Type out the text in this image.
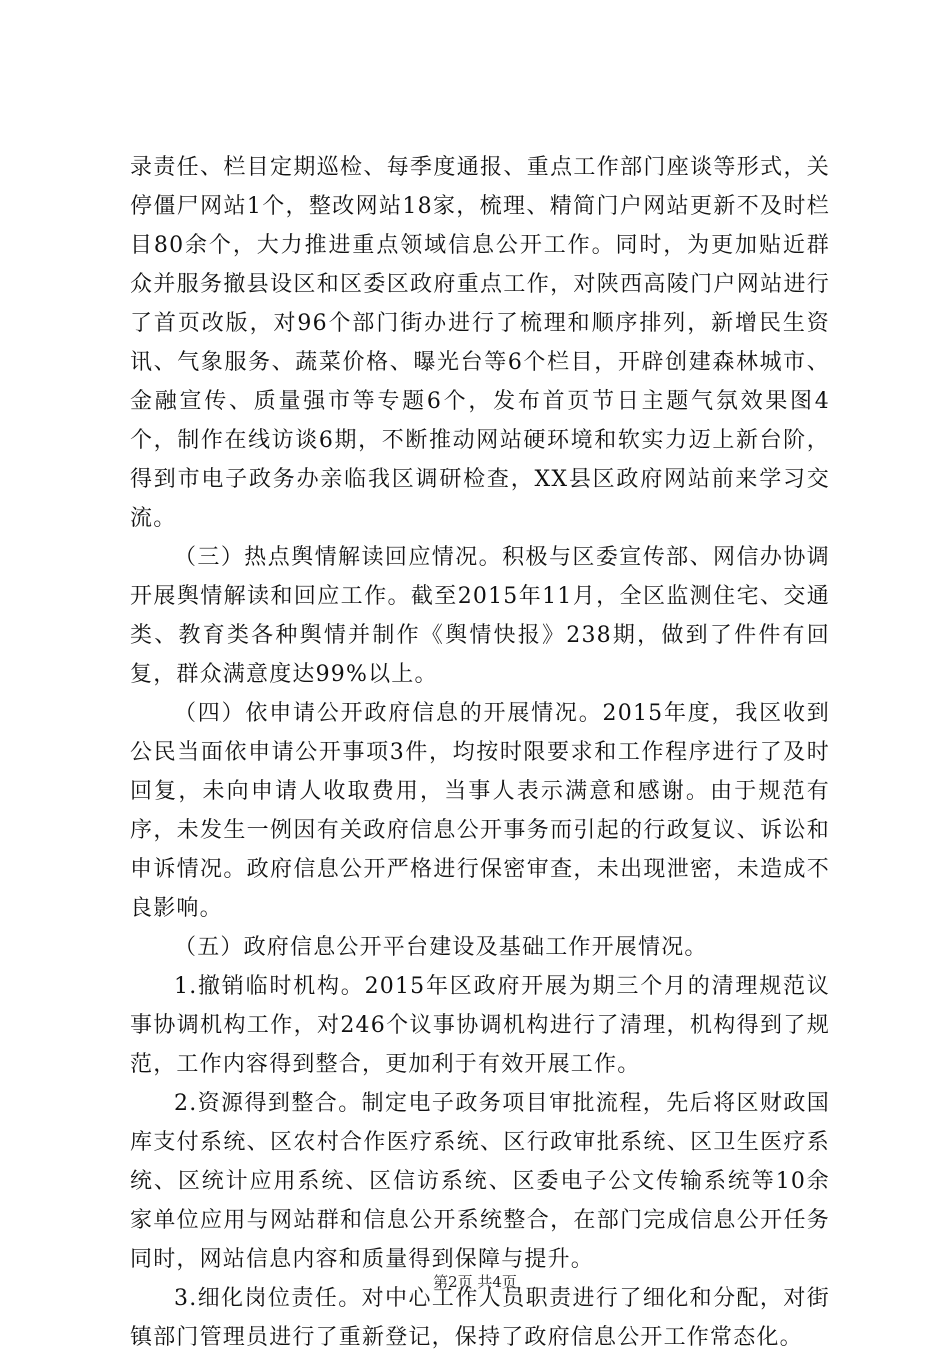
录责任、栏目定期巡检、每季度通报、重点工作部门座谈等形式，关停僵尸网站1个，整改网站18家，梳理、精简门户网站更新不及时栏目80余个，大力推进重点领域信息公开工作。同时，为更加贴近群众并服务撤县设区和区委区政府重点工作，对陕西高陵门户网站进行了首页改版，对96个部门街办进行了梳理和顺序排列，新增民生资讯、气象服务、蔬菜价格、曝光台等6个栏目，开辟创建森林城市、金融宣传、质量强市等专题6个，发布首页节日主题气氛效果图4个，制作在线访谈6期，不断推动网站硬环境和软实力迈上新台阶，得到市电子政务办亲临我区调研检查，XX县区政府网站前来学习交流。

（三）热点舆情解读回应情况。积极与区委宣传部、网信办协调开展舆情解读和回应工作。截至2015年11月，全区监测住宅、交通类、教育类各种舆情并制作《舆情快报》238期，做到了件件有回复，群众满意度达99%以上。

（四）依申请公开政府信息的开展情况。2015年度，我区收到公民当面依申请公开事项3件，均按时限要求和工作程序进行了及时回复，未向申请人收取费用，当事人表示满意和感谢。由于规范有序，未发生一例因有关政府信息公开事务而引起的行政复议、诉讼和申诉情况。政府信息公开严格进行保密审查，未出现泄密，未造成不良影响。

（五）政府信息公开平台建设及基础工作开展情况。

1.撤销临时机构。2015年区政府开展为期三个月的清理规范议事协调机构工作，对246个议事协调机构进行了清理，机构得到了规范，工作内容得到整合，更加利于有效开展工作。

2.资源得到整合。制定电子政务项目审批流程，先后将区财政国库支付系统、区农村合作医疗系统、区行政审批系统、区卫生医疗系统、区统计应用系统、区信访系统、区委电子公文传输系统等10余家单位应用与网站群和信息公开系统整合，在部门完成信息公开任务同时，网站信息内容和质量得到保障与提升。

3.细化岗位责任。对中心工作人员职责进行了细化和分配，对街镇部门管理员进行了重新登记，保持了政府信息公开工作常态化。

第2页 共4页
